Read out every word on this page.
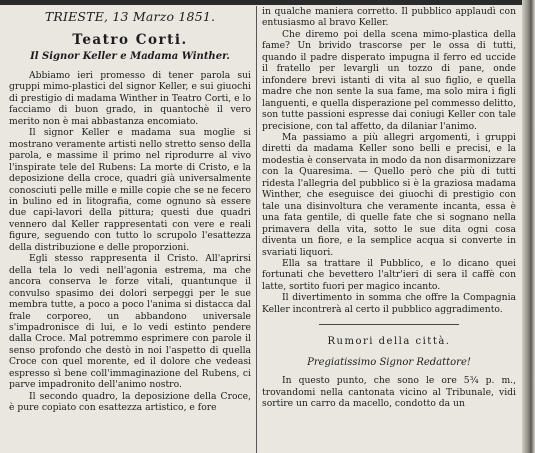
TRIESTE, 13 Marzo 1851.
Teatro Corti.
Il Signor Keller e Madama Winther.
Abbiamo ieri promesso di tener parola sui gruppi mimo-plastici del signor Keller, e sui giuochi di prestigio di madama Winther in Teatro Corti, e lo facciamo di buon grado, in quantochè il vero merito non è mai abbastanza encomiato.
Il signor Keller e madama sua moglie si mostrano veramente artisti nello stretto senso della parola, e massime il primo nel riprodurre al vivo l'inspirate tele del Rubens: La morte di Cristo, e la deposizione della croce, quadri già universalmente conosciuti pelle mille e mille copie che se ne fecero in bulino ed in litografia, come ognuno sà essere due capi-lavori della pittura; questi due quadri vennero dal Keller rappresentati con vere e reali figure, seguendo con tutto lo scrupolo l'esattezza della distribuzione e delle proporzioni.
Egli stesso rappresenta il Cristo. All'aprirsi della tela lo vedi nell'agonia estrema, ma che ancora conserva le forze vitali, quantunque il convulso spasimo dei dolori serpeggi per le sue membra tutte, a poco a poco l'anima si distacca dal frale corporeo, un abbandono universale s'impadronisce di lui, e lo vedi estinto pendere dalla Croce. Mal potremmo esprimere con parole il senso profondo che destò in noi l'aspetto di quella Croce con quel morente, ed il dolore che vedeasi espresso sì bene coll'immaginazione del Rubens, ci parve impadronito dell'animo nostro.
Il secondo quadro, la deposizione della Croce, è pure copiato con esattezza artistico, e fore
in qualche maniera corretto. Il pubblico applaudì con entusiasmo al bravo Keller.
Che diremo poi della scena mimo-plastica della fame? Un brivido trascorse per le ossa di tutti, quando il padre disperato impugna il ferro ed uccide il fratello per levargli un tozzo di pane, onde infondere brevi istanti di vita al suo figlio, e quella madre che non sente la sua fame, ma solo mira i figli languenti, e quella disperazione pel commesso delitto, son tutte passioni espresse dai coniugi Keller con tale precisione, con tal affetto, da dilaniar l'animo.
Ma passiamo a più allegri argomenti, i gruppi diretti da madama Keller sono belli e precisi, e la modestia è conservata in modo da non disarmonizzare con la Quaresima. — Quello però che più di tutti ridesta l'allegria del pubblico si è la graziosa madama Winther, che eseguisce dei giuochi di prestigio con tale una disinvoltura che veramente incanta, essa è una fata gentile, di quelle fate che si sognano nella primavera della vita, sotto le sue dita ogni cosa diventa un fiore, e la semplice acqua si converte in svariati liquori.
Ella sa trattare il Pubblico, e lo dicano quei fortunati che bevettero l'altr'ieri di sera il caffè con latte, sortito fuori per magico incanto.
Il divertimento in somma che offre la Compagnia Keller incontrerà al certo il pubblico aggradimento.
Rumori della città.
Pregiatissimo Signor Redattore!
In questo punto, che sono le ore 5¾ p. m., trovandomi nella cantonata vicino al Tribunale, vidi sortire un carro da macello, condotto da un
